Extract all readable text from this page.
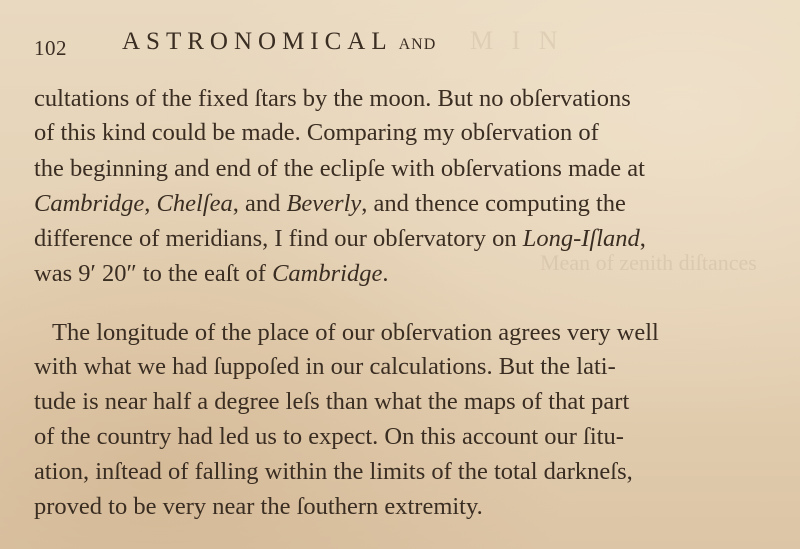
M I N
Mean of zenith diſtances
102 ASTRONOMICAL AND
cultations of the fixed ſtars by the moon. But no obſervations
of this kind could be made. Comparing my obſervation of
the beginning and end of the eclipſe with obſervations made at
Cambridge, Chelſea, and Beverly, and thence computing the
difference of meridians, I find our obſervatory on Long-Iſland,
was 9′ 20″ to the eaſt of Cambridge.
The longitude of the place of our obſervation agrees very well
with what we had ſuppoſed in our calculations. But the lati-
tude is near half a degree leſs than what the maps of that part
of the country had led us to expect. On this account our ſitu-
ation, inſtead of falling within the limits of the total darkneſs,
proved to be very near the ſouthern extremity.
